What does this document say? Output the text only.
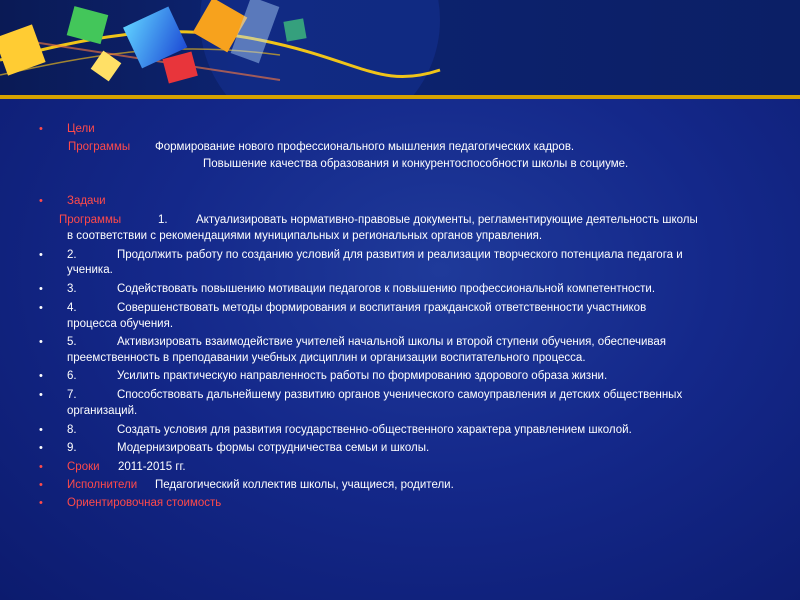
• Цели
Программы Формирование нового профессионального мышления педагогических кадров.
Повышение качества образования и конкурентоспособности школы в социуме.
• Задачи
Программы	1. Актуализировать нормативно-правовые документы, регламентирующие деятельность школы
в соответствии с рекомендациями муниципальных и региональных органов управления.
• 2.	Продолжить работу по созданию условий для развития и реализации творческого потенциала педагога и
ученика.
• 3.	Содействовать повышению мотивации педагогов к повышению профессиональной компетентности.
• 4.	Совершенствовать методы формирования и воспитания гражданской ответственности участников
процесса обучения.
• 5.	Активизировать взаимодействие учителей начальной школы и второй ступени обучения, обеспечивая
преемственность в преподавании учебных дисциплин и организации воспитательного процесса.
• 6.	Усилить практическую направленность работы по формированию здорового образа жизни.
• 7.	Способствовать дальнейшему развитию органов ученического самоуправления и детских общественных
организаций.
• 8.	Создать условия для развития государственно-общественного характера управлением школой.
• 9.	Модернизировать формы сотрудничества семьи и школы.
• Сроки 2011-2015 гг.
• Исполнители Педагогический коллектив школы, учащиеся, родители.
• Ориентировочная стоимость
